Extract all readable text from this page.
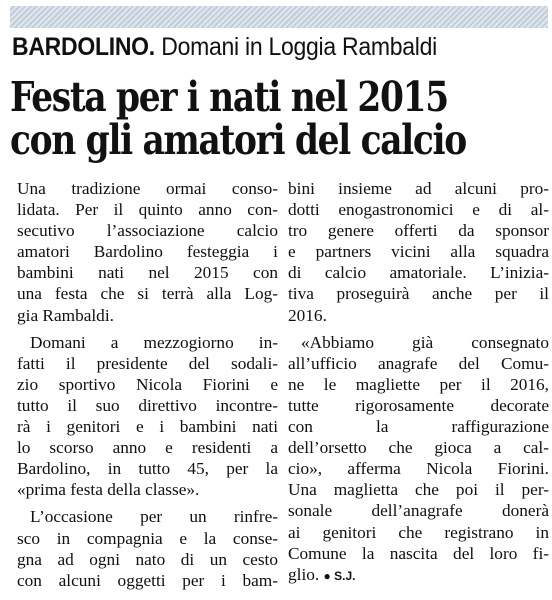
BARDOLINO. Domani in Loggia Rambaldi
Festa per i nati nel 2015
con gli amatori del calcio
Una tradizione ormai conso-
lidata. Per il quinto anno con-
secutivo l’associazione calcio
amatori Bardolino festeggia i
bambini nati nel 2015 con
una festa che si terrà alla Log-
gia Rambaldi.
Domani a mezzogiorno in-
fatti il presidente del sodali-
zio sportivo Nicola Fiorini e
tutto il suo direttivo incontre-
rà i genitori e i bambini nati
lo scorso anno e residenti a
Bardolino, in tutto 45, per la
«prima festa della classe».
L’occasione per un rinfre-
sco in compagnia e la conse-
gna ad ogni nato di un cesto
con alcuni oggetti per i bam-
bini insieme ad alcuni pro-
dotti enogastronomici e di al-
tro genere offerti da sponsor
e partners vicini alla squadra
di calcio amatoriale. L’inizia-
tiva proseguirà anche per il
2016.
«Abbiamo già consegnato
all’ufficio anagrafe del Comu-
ne le magliette per il 2016,
tutte rigorosamente decorate
con la raffigurazione
dell’orsetto che gioca a cal-
cio», afferma Nicola Fiorini.
Una maglietta che poi il per-
sonale dell’anagrafe donerà
ai genitori che registrano in
Comune la nascita del loro fi-
glio. ● S.J.
